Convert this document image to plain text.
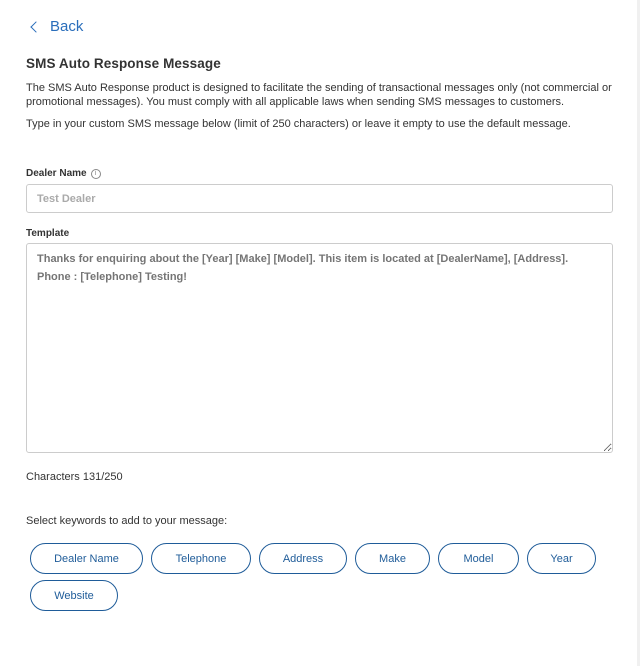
Back
SMS Auto Response Message

The SMS Auto Response product is designed to facilitate the sending of transactional messages only (not commercial or promotional messages). You must comply with all applicable laws when sending SMS messages to customers.

Type in your custom SMS message below (limit of 250 characters) or leave it empty to use the default message.

Dealer Name	i
Test Dealer
Template
Thanks for enquiring about the [Year] [Make] [Model]. This item is located at [DealerName], [Address]. Phone : [Telephone] Testing!
Characters 131/250
Select keywords to add to your message:
Dealer Name	Telephone	Address	Make	Model	Year
Website
